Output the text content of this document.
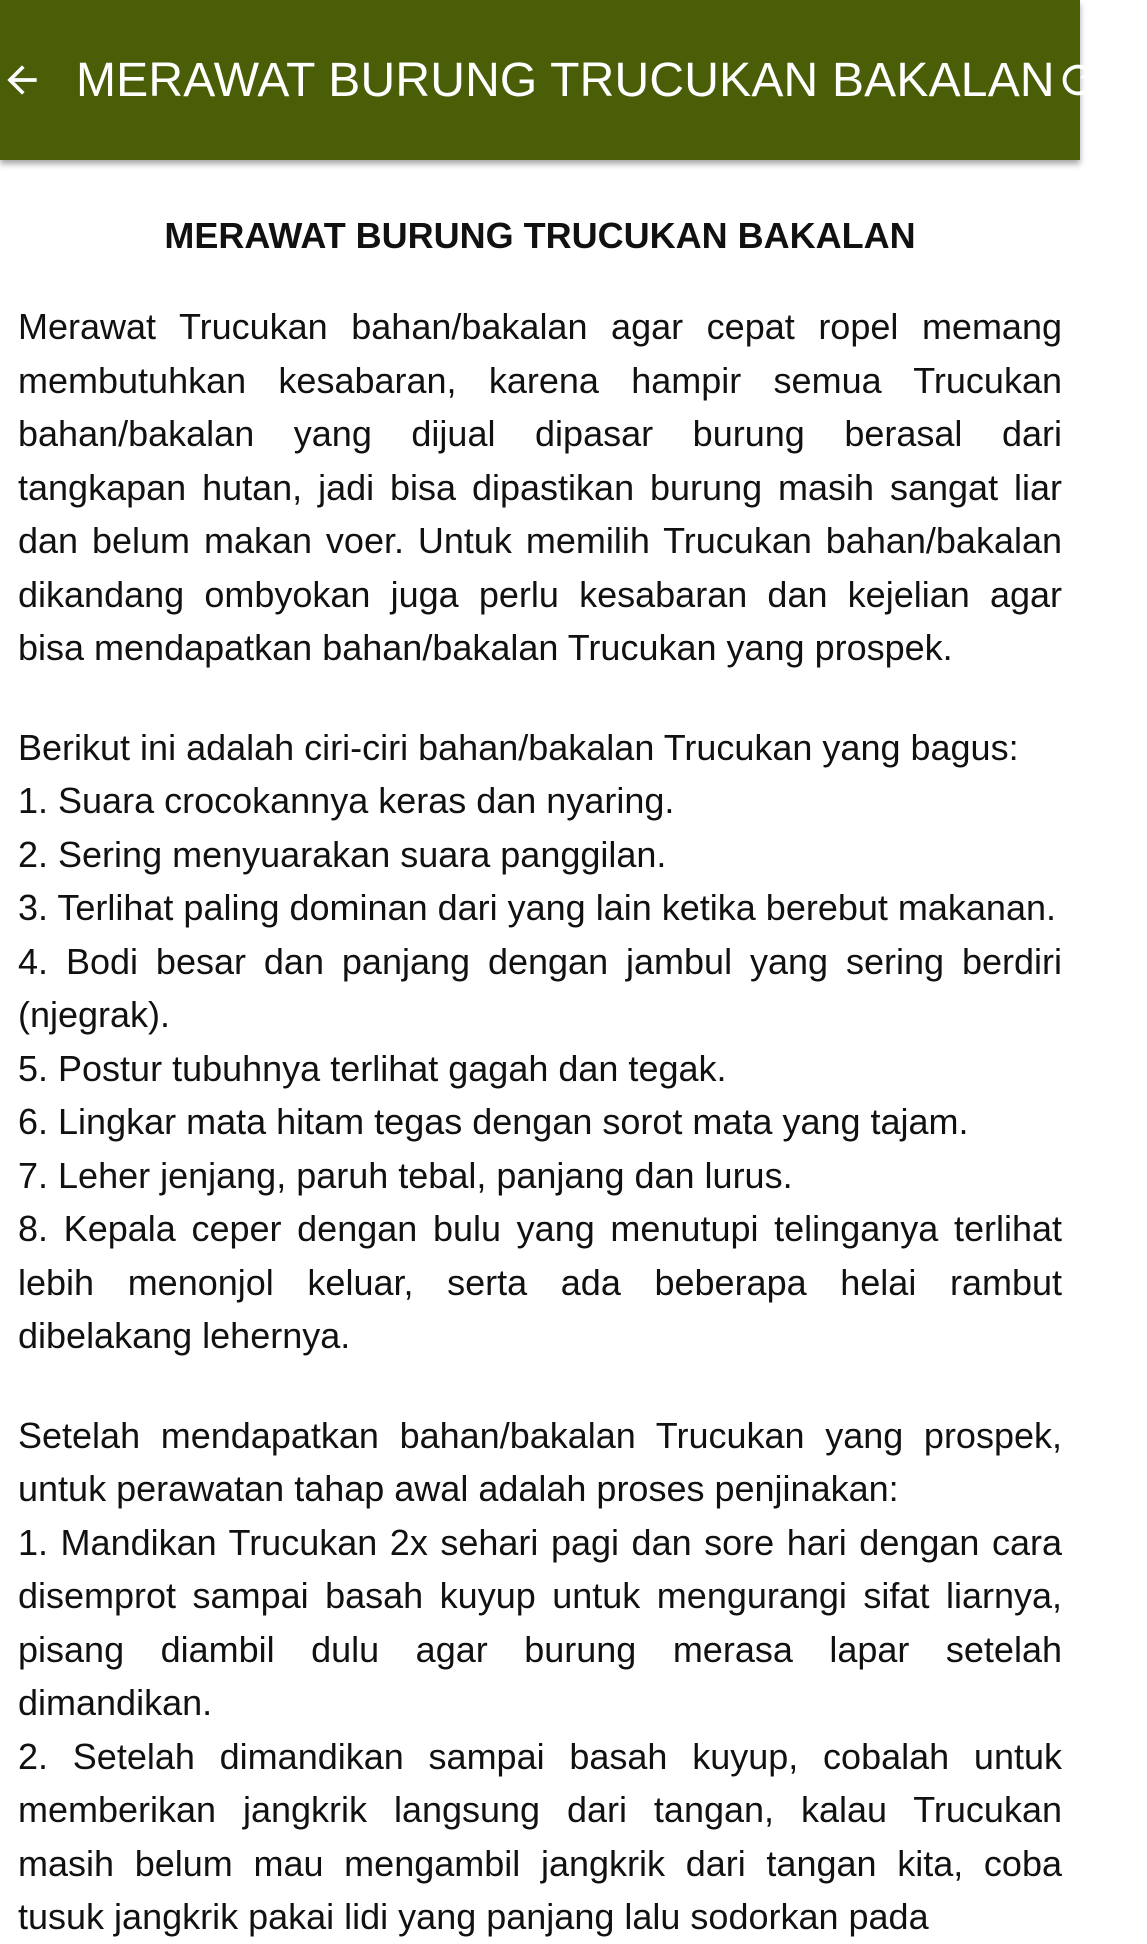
MERAWAT BURUNG TRUCUKAN BAKALAN
MERAWAT BURUNG TRUCUKAN BAKALAN

Merawat Trucukan bahan/bakalan agar cepat ropel memang membutuhkan kesabaran, karena hampir semua Trucukan bahan/bakalan yang dijual dipasar burung berasal dari tangkapan hutan, jadi bisa dipastikan burung masih sangat liar dan belum makan voer. Untuk memilih Trucukan bahan/bakalan dikandang ombyokan juga perlu kesabaran dan kejelian agar bisa mendapatkan bahan/bakalan Trucukan yang prospek.

Berikut ini adalah ciri-ciri bahan/bakalan Trucukan yang bagus:

1. Suara crocokannya keras dan nyaring.

2. Sering menyuarakan suara panggilan.

3. Terlihat paling dominan dari yang lain ketika berebut makanan.

4. Bodi besar dan panjang dengan jambul yang sering berdiri (njegrak).

5. Postur tubuhnya terlihat gagah dan tegak.

6. Lingkar mata hitam tegas dengan sorot mata yang tajam.

7. Leher jenjang, paruh tebal, panjang dan lurus.

8. Kepala ceper dengan bulu yang menutupi telinganya terlihat lebih menonjol keluar, serta ada beberapa helai rambut dibelakang lehernya.

Setelah mendapatkan bahan/bakalan Trucukan yang prospek, untuk perawatan tahap awal adalah proses penjinakan:

1. Mandikan Trucukan 2x sehari pagi dan sore hari dengan cara disemprot sampai basah kuyup untuk mengurangi sifat liarnya, pisang diambil dulu agar burung merasa lapar setelah dimandikan.

2. Setelah dimandikan sampai basah kuyup, cobalah untuk memberikan jangkrik langsung dari tangan, kalau Trucukan masih belum mau mengambil jangkrik dari tangan kita, coba tusuk jangkrik pakai lidi yang panjang lalu sodorkan pada
